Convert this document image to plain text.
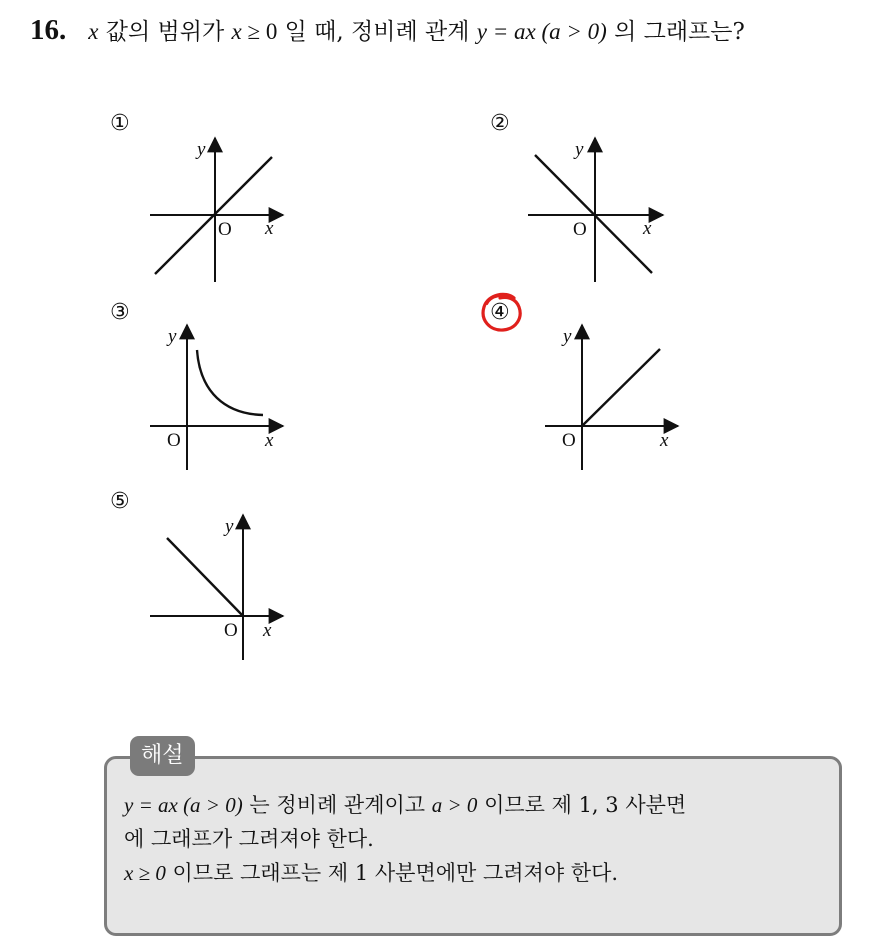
16. x 값의 범위가 x ≥ 0 일 때, 정비례 관계 y = ax (a > 0) 의 그래프는?
①
y
x
O
②
y
x
O
③
y
x
O
④
y
x
O
⑤
y
x
O
해설

y = ax (a > 0) 는 정비례 관계이고 a > 0 이므로 제 1, 3 사분면

에 그래프가 그려져야 한다.

x ≥ 0 이므로 그래프는 제 1 사분면에만 그려져야 한다.
